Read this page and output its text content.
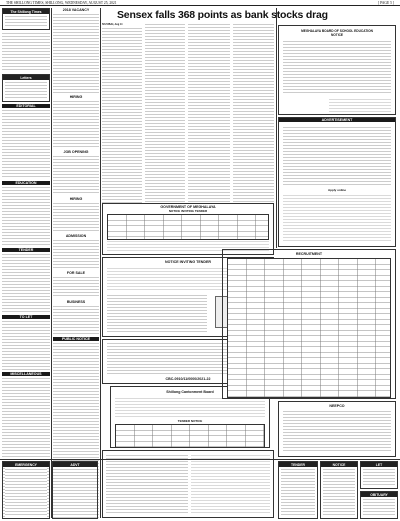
THE SHILLONG TIMES, SHILLONG, WEDNESDAY, AUGUST 25, 2021	[ PAGE 5 ]
The Shillong Times
Letters
EDITORIAL
EDUCATION
TENDER
TO LET
MISCELLANEOUS
2018 VACANCY
HIRING
JOB OPENING
HIRING
ADMISSION
FOR SALE
BUSINESS
PUBLIC NOTICE
Sensex falls 368 points as bank stocks drag
MUMBAI, Aug 24
GOVERNMENT OF MEGHALAYA
NOTICE INVITING TENDER
NOTICE INVITING TENDER
CBC-0910/11/0000/2021-22
Shillong Cantonment Board
TENDER NOTICE
MEGHALAYA BOARD OF SCHOOL EDUCATION
NOTICE
ADVERTISEMENT
Apply online
RECRUITMENT
NEEPCO
EMERGENCY	ADVT	TENDER	NOTICE	LET
OBITUARY
